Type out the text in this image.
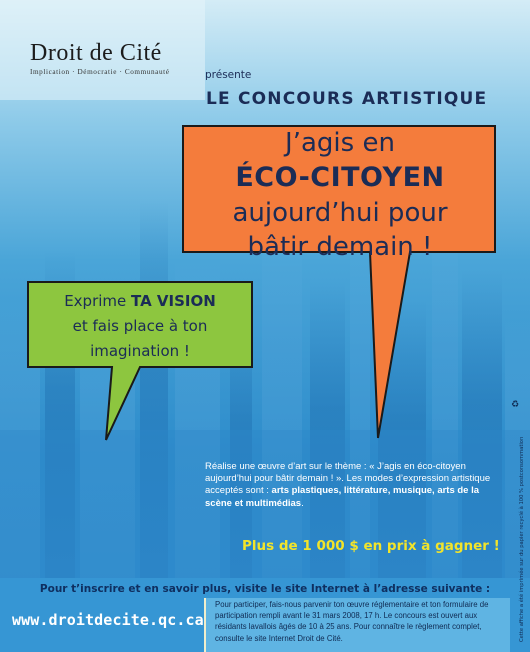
Droit de Cité
Implication · Démocratie · Communauté	présente
LE CONCOURS ARTISTIQUE
J’agis en
ÉCO-CITOYEN
aujourd’hui pour
bâtir demain !
Exprime TA VISION
et fais place à ton
imagination !
Réalise une œuvre d’art sur le thème : « J’agis en éco-citoyen aujourd’hui pour bâtir demain ! ». Les modes d’expression artistique acceptés sont : arts plastiques, littérature, musique, arts de la scène et multimédias.
Plus de 1 000 $ en prix à gagner !
Pour t’inscrire et en savoir plus, visite le site Internet à l’adresse suivante :
www.droitdecite.qc.ca
Pour participer, fais-nous parvenir ton œuvre réglementaire et ton formulaire de participation rempli avant le 31 mars 2008, 17 h. Le concours est ouvert aux résidants lavallois âgés de 10 à 25 ans. Pour connaître le règlement complet, consulte le site Internet Droit de Cité.
♻
Cette affiche a été imprimée sur du papier recyclé à 100 % postconsommation
